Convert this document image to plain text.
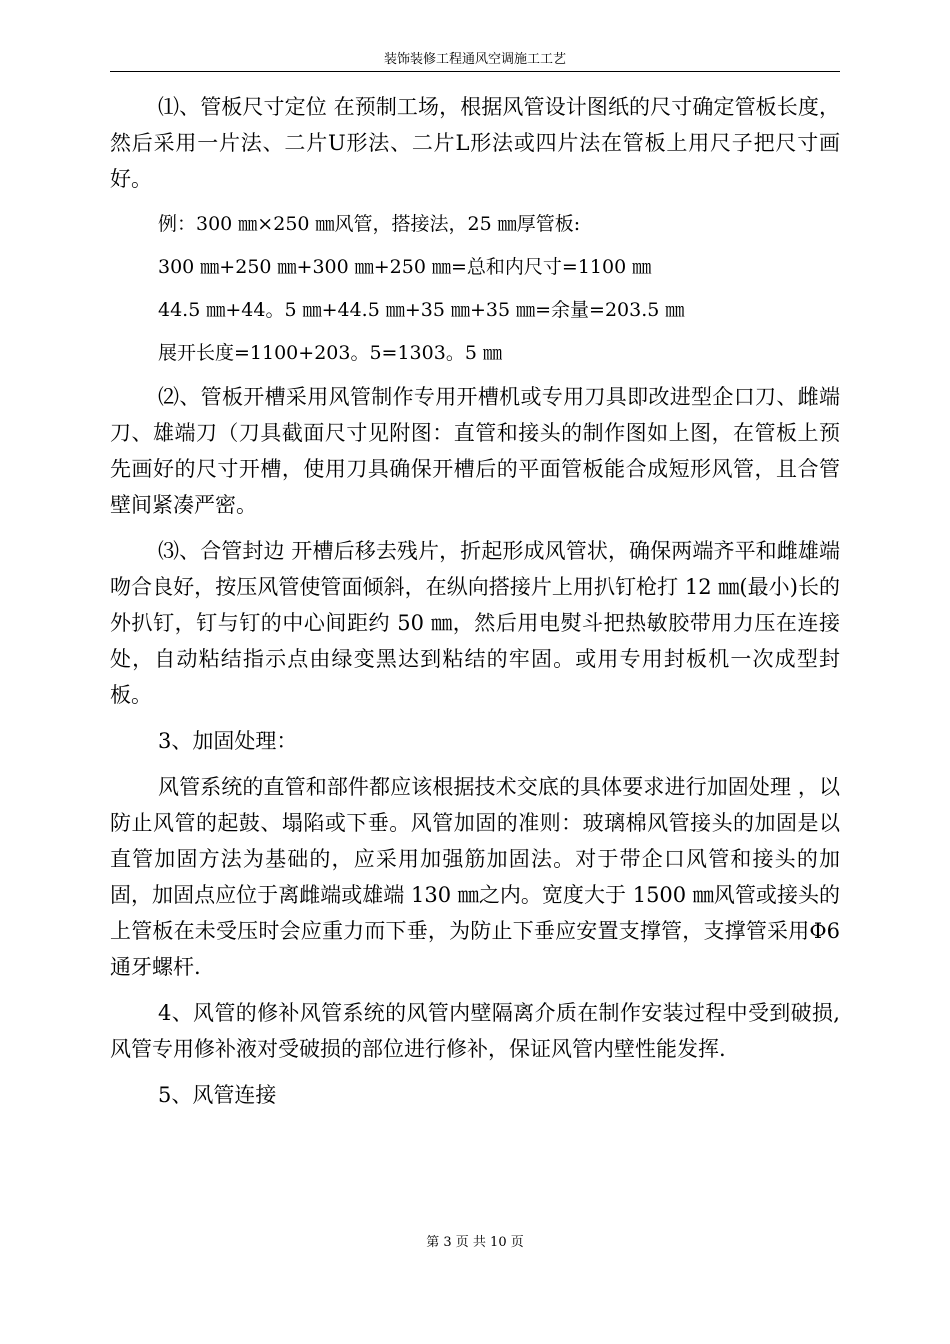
装饰装修工程通风空调施工工艺

⑴、管板尺寸定位 在预制工场，根据风管设计图纸的尺寸确定管板长度，然后采用一片法、二片U形法、二片L形法或四片法在管板上用尺子把尺寸画好。

例：300 ㎜×250 ㎜风管，搭接法，25 ㎜厚管板:

300 ㎜+250 ㎜+300 ㎜+250 ㎜=总和内尺寸=1100 ㎜

44.5 ㎜+44。5 ㎜+44.5 ㎜+35 ㎜+35 ㎜=余量=203.5 ㎜

展开长度=1100+203。5=1303。5 ㎜

⑵、管板开槽采用风管制作专用开槽机或专用刀具即改进型企口刀、雌端刀、雄端刀（刀具截面尺寸见附图：直管和接头的制作图如上图，在管板上预先画好的尺寸开槽，使用刀具确保开槽后的平面管板能合成短形风管，且合管壁间紧凑严密。

⑶、合管封边 开槽后移去残片，折起形成风管状，确保两端齐平和雌雄端吻合良好，按压风管使管面倾斜，在纵向搭接片上用扒钉枪打 12 ㎜(最小)长的外扒钉，钉与钉的中心间距约 50 ㎜，然后用电熨斗把热敏胶带用力压在连接处，自动粘结指示点由绿变黑达到粘结的牢固。或用专用封板机一次成型封板。

3、加固处理：

风管系统的直管和部件都应该根据技术交底的具体要求进行加固处理 ，以防止风管的起鼓、塌陷或下垂。风管加固的准则：玻璃棉风管接头的加固是以直管加固方法为基础的，应采用加强筋加固法。对于带企口风管和接头的加固，加固点应位于离雌端或雄端 130 ㎜之内。宽度大于 1500 ㎜风管或接头的上管板在未受压时会应重力而下垂，为防止下垂应安置支撑管，支撑管采用Φ6 通牙螺杆.

4、风管的修补风管系统的风管内壁隔离介质在制作安装过程中受到破损,风管专用修补液对受破损的部位进行修补，保证风管内壁性能发挥.

5、风管连接

第 3 页 共 10 页
